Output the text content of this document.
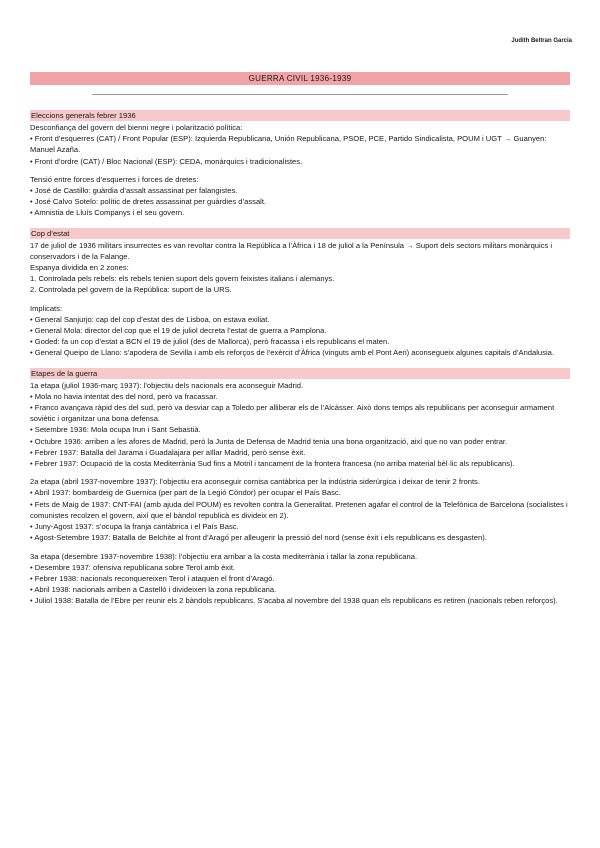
Judith Beltran Garcia
GUERRA CIVIL 1936-1939
Eleccions generals febrer 1936

Desconfiança del govern del bienni negre i polarització política:

• Front d’esquerres (CAT) / Front Popular (ESP): Izquierda Republicana, Unión Republicana, PSOE, PCE, Partido Sindicalista, POUM i UGT → Guanyen: Manuel Azaña.

• Front d’ordre (CAT) / Bloc Nacional (ESP): CEDA, monàrquics i tradicionalistes.

Tensió entre forces d’esquerres i forces de dretes:

• José de Castillo: guàrdia d’assalt assassinat per falangistes.

• José Calvo Sotelo: polític de dretes assassinat per guàrdies d’assalt.

• Amnistia de Lluís Companys i el seu govern.

Cop d’estat

17 de juliol de 1936 militars insurrectes es van revoltar contra la República a l’Àfrica i 18 de juliol a la Península → Suport dels sectors militars monàrquics i conservadors i de la Falange.

Espanya dividida en 2 zones:

1. Controlada pels rebels: els rebels tenien suport dels govern feixistes italians i alemanys.

2. Controlada pel govern de la República: suport de la URS.

Implicats:

• General Sanjurjo: cap del cop d’estat des de Lisboa, on estava exiliat.

• General Mola: director del cop que el 19 de juliol decreta l’estat de guerra a Pamplona.

• Goded: fa un cop d’estat a BCN el 19 de juliol (des de Mallorca), però fracassa i els republicans el maten.

• General Queipo de Llano: s’apodera de Sevilla i amb els reforços de l’exèrcit d’Àfrica (vinguts amb el Pont Aeri) aconsegueix algunes capitals d’Andalusia.

Etapes de la guerra

1a etapa (juliol 1936-març 1937): l’objectiu dels nacionals era aconseguir Madrid.

• Mola no havia intentat des del nord, però va fracassar.

• Franco avançava ràpid des del sud, però va desviar cap a Toledo per alliberar els de l’Alcàsser. Això dons temps als republicans per aconseguir armament soviètic i organitzar una bona defensa.

• Setembre 1936: Mola ocupa Irun i Sant Sebastià.

• Octubre 1936: arriben a les afores de Madrid, però la Junta de Defensa de Madrid tenia una bona organització, així que no van poder entrar.

• Febrer 1937: Batalla del Jarama i Guadalajara per aïllar Madrid, però sense èxit.

• Febrer 1937: Ocupació de la costa Mediterrània Sud fins a Motril i tancament de la frontera francesa (no arriba material bèl·lic als republicans).

2a etapa (abril 1937-novembre 1937): l’objectiu era aconseguir cornisa cantàbrica per la indústria siderúrgica i deixar de tenir 2 fronts.

• Abril 1937: bombardeig de Guernica (per part de la Legió Còndor) per ocupar el País Basc.

• Fets de Maig de 1937: CNT-FAI (amb ajuda del POUM) es revolten contra la Generalitat. Pretenen agafar el control de la Telefònica de Barcelona (socialistes i comunistes recolzen el govern, així que el bàndol republicà es divideix en 2).

• Juny-Agost 1937: s’ocupa la franja cantàbrica i el País Basc.

• Agost-Setembre 1937: Batalla de Belchite al front d’Aragó per alleugerir la pressió del nord (sense èxit i els republicans es desgasten).

3a etapa (desembre 1937-novembre 1938): l’objectiu era arribar a la costa mediterrània i tallar la zona republicana.

• Desembre 1937: ofensiva republicana sobre Terol amb èxit.

• Febrer 1938: nacionals reconquereixen Terol i ataquen el front d’Aragó.

• Abril 1938: nacionals arriben a Castelló i divideixen la zona republicana.

• Juliol 1938: Batalla de l’Ebre per reunir els 2 bàndols republicans. S’acaba al novembre del 1938 quan els republicans es retiren (nacionals reben reforços).
